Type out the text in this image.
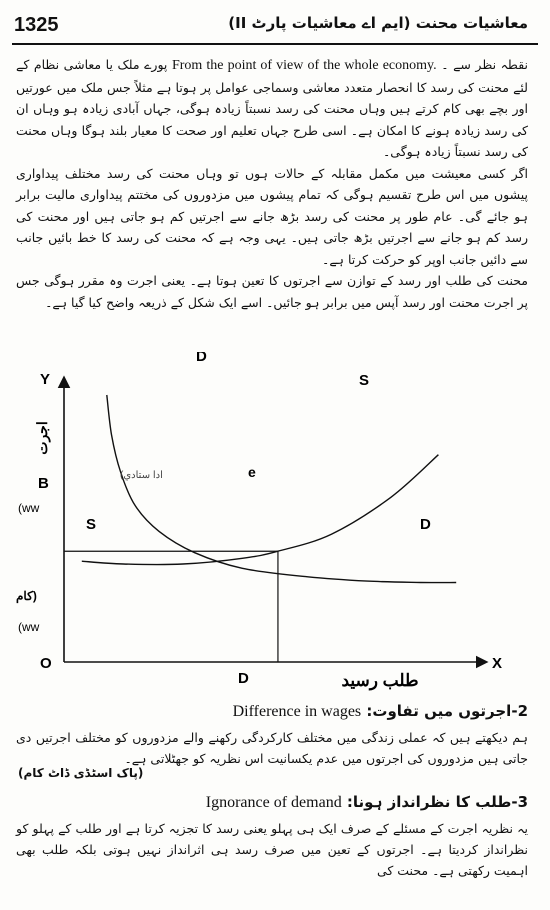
1325	معاشیات محنت (ایم اے معاشیات پارٹ II)

نقطہ نظر سے ۔ From the point of view of the whole economy. پورے ملک یا معاشی نظام کے لئے محنت کی رسد کا انحصار متعدد معاشی وسماجی عوامل پر ہوتا ہے مثلاً جس ملک میں عورتیں اور بچے بھی کام کرتے ہیں وہاں محنت کی رسد نسبتاً زیادہ ہوگی، جہاں آبادی زیادہ ہو وہاں ان کی رسد زیادہ ہونے کا امکان ہے۔ اسی طرح جہاں تعلیم اور صحت کا معیار بلند ہوگا وہاں محنت کی رسد نسبتاً زیادہ ہوگی۔

اگر کسی معیشت میں مکمل مقابلہ کے حالات ہوں تو وہاں محنت کی رسد مختلف پیداواری پیشوں میں اس طرح تقسیم ہوگی کہ تمام پیشوں میں مزدوروں کی مختتم پیداواری مالیت برابر ہو جائے گی۔ عام طور پر محنت کی رسد بڑھ جانے سے اجرتیں کم ہو جاتی ہیں اور محنت کی رسد کم ہو جانے سے اجرتیں بڑھ جاتی ہیں۔ یہی وجہ ہے کہ محنت کی رسد کا خط بائیں جانب سے دائیں جانب اوپر کو حرکت کرتا ہے۔

محنت کی طلب اور رسد کے توازن سے اجرتوں کا تعین ہوتا ہے۔ یعنی اجرت وہ مقرر ہوگی جس پر اجرت محنت اور رسد آپس میں برابر ہو جائیں۔ اسے ایک شکل کے ذریعہ واضح کیا گیا ہے۔

Y
اجرت
B
O
D
X
طلب رسید
D
S
S	D
e
(ادا ستادي
(ww
کام)
(ww
2-اجرتوں میں تفاوت: Difference in wages
ہم دیکھتے ہیں کہ عملی زندگی میں مختلف کارکردگی رکھنے والے مزدوروں کو مختلف اجرتیں دی جاتی ہیں مزدوروں کی اجرتوں میں عدم یکسانیت اس نظریہ کو جھٹلاتی ہے۔
(پاک اسٹڈی ڈاٹ کام)
3-طلب کا نظرانداز ہونا: Ignorance of demand
یہ نظریہ اجرت کے مسئلے کے صرف ایک ہی پہلو یعنی رسد کا تجزیہ کرتا ہے اور طلب کے پہلو کو نظرانداز کردیتا ہے۔ اجرتوں کے تعین میں صرف رسد ہی اثرانداز نہیں ہوتی بلکہ طلب بھی اہمیت رکھتی ہے۔ محنت کی
